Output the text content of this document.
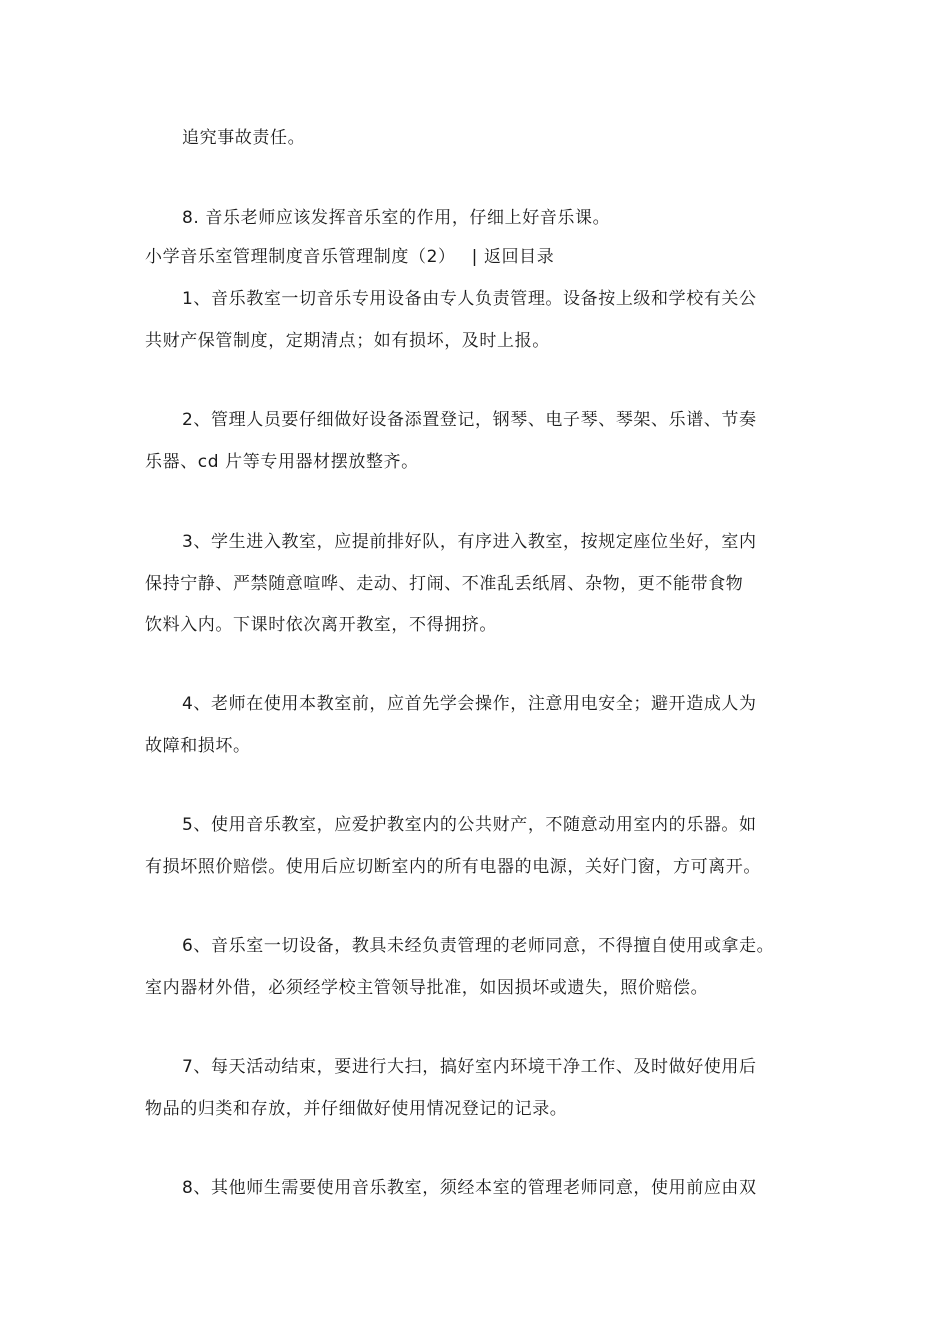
追究事故责任。
8. 音乐老师应该发挥音乐室的作用，仔细上好音乐课。
小学音乐室管理制度音乐管理制度（2） | 返回目录
1、音乐教室一切音乐专用设备由专人负责管理。设备按上级和学校有关公
共财产保管制度，定期清点；如有损坏，及时上报。
2、管理人员要仔细做好设备添置登记，钢琴、电子琴、琴架、乐谱、节奏
乐器、cd 片等专用器材摆放整齐。
3、学生进入教室，应提前排好队，有序进入教室，按规定座位坐好，室内
保持宁静、严禁随意喧哗、走动、打闹、不准乱丢纸屑、杂物，更不能带食物
饮料入内。下课时依次离开教室，不得拥挤。
4、老师在使用本教室前，应首先学会操作，注意用电安全；避开造成人为
故障和损坏。
5、使用音乐教室，应爱护教室内的公共财产，不随意动用室内的乐器。如
有损坏照价赔偿。使用后应切断室内的所有电器的电源，关好门窗，方可离开。
6、音乐室一切设备，教具未经负责管理的老师同意，不得擅自使用或拿走。
室内器材外借，必须经学校主管领导批准，如因损坏或遗失，照价赔偿。
7、每天活动结束，要进行大扫，搞好室内环境干净工作、及时做好使用后
物品的归类和存放，并仔细做好使用情况登记的记录。
8、其他师生需要使用音乐教室，须经本室的管理老师同意，使用前应由双
